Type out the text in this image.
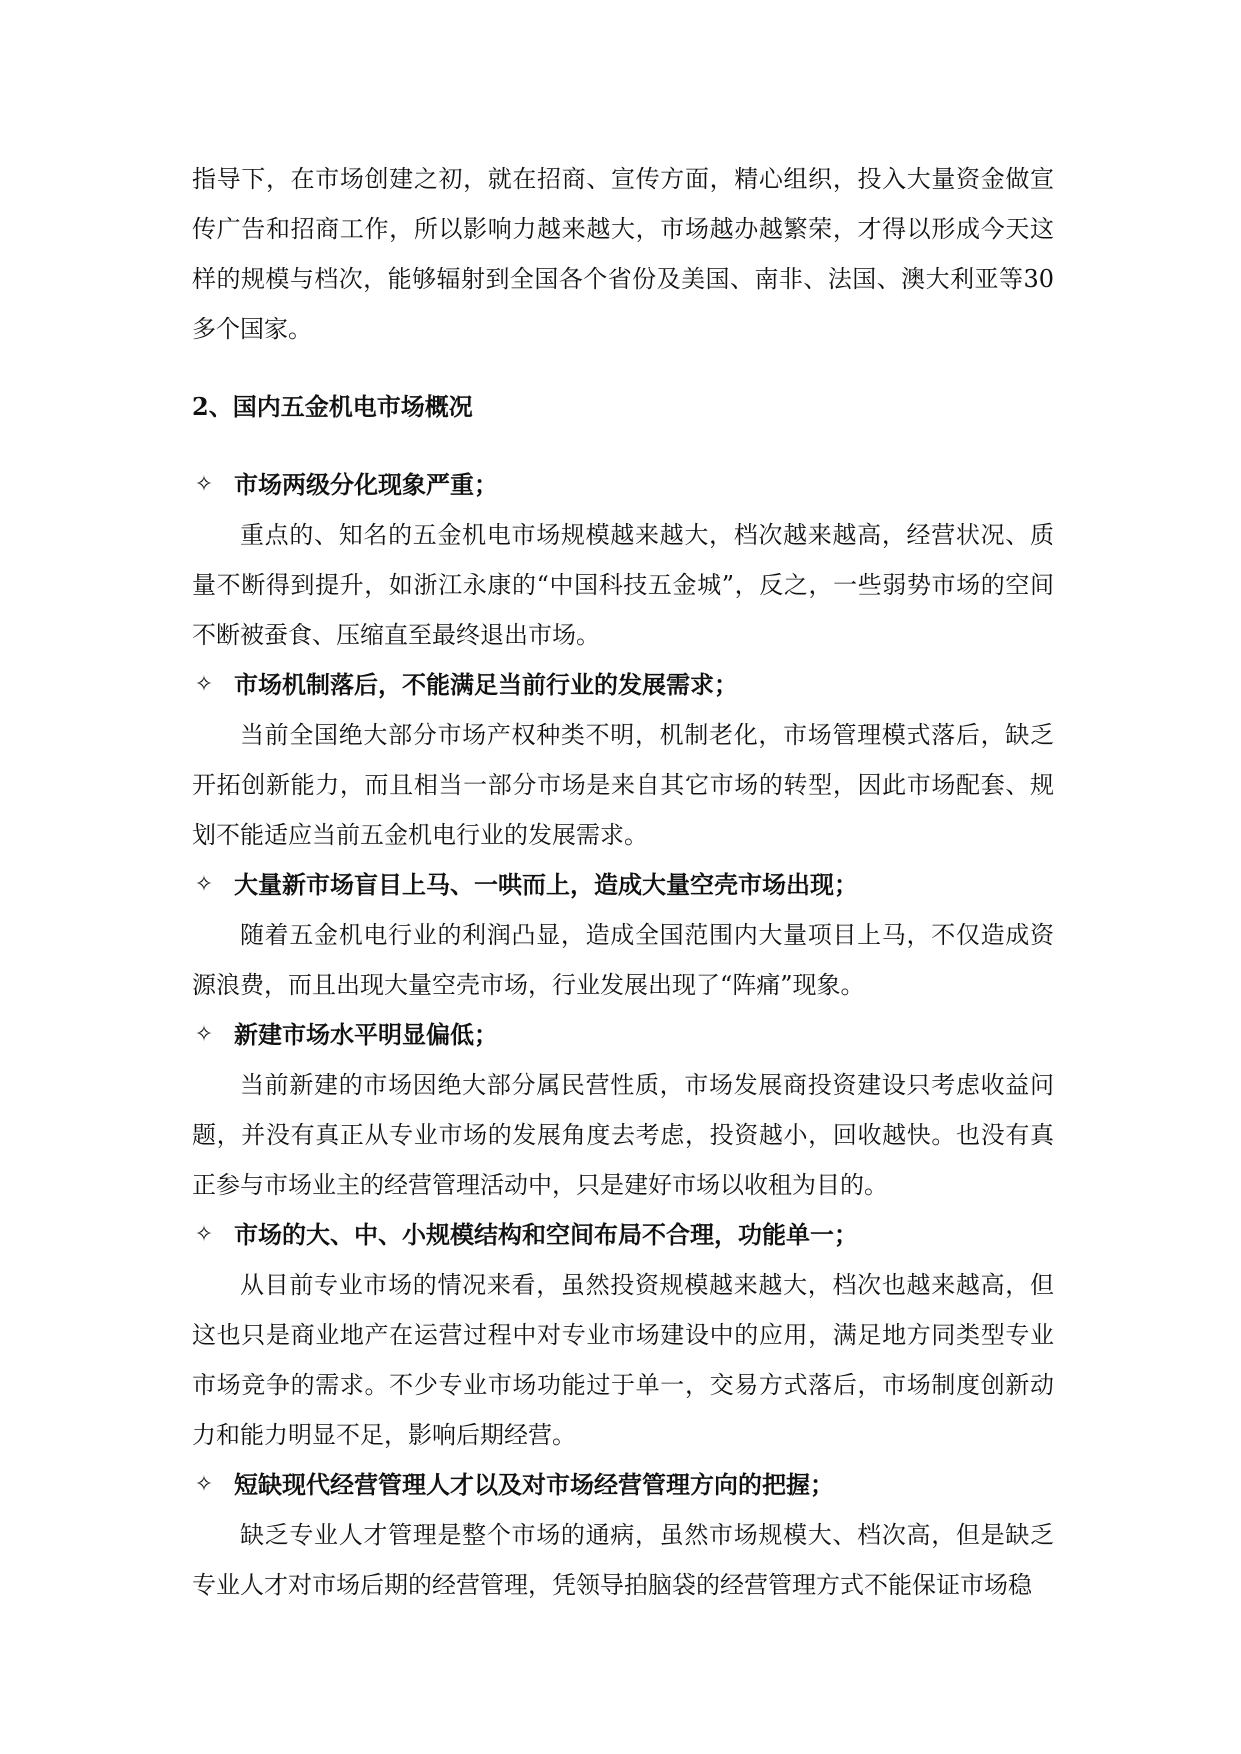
指导下，在市场创建之初，就在招商、宣传方面，精心组织，投入大量资金做宣传广告和招商工作，所以影响力越来越大，市场越办越繁荣，才得以形成今天这样的规模与档次，能够辐射到全国各个省份及美国、南非、法国、澳大利亚等30多个国家。

2、国内五金机电市场概况

✧ 市场两级分化现象严重；

重点的、知名的五金机电市场规模越来越大，档次越来越高，经营状况、质量不断得到提升，如浙江永康的“中国科技五金城”，反之，一些弱势市场的空间不断被蚕食、压缩直至最终退出市场。

✧ 市场机制落后，不能满足当前行业的发展需求；

当前全国绝大部分市场产权种类不明，机制老化，市场管理模式落后，缺乏开拓创新能力，而且相当一部分市场是来自其它市场的转型，因此市场配套、规划不能适应当前五金机电行业的发展需求。

✧ 大量新市场盲目上马、一哄而上，造成大量空壳市场出现；

随着五金机电行业的利润凸显，造成全国范围内大量项目上马，不仅造成资源浪费，而且出现大量空壳市场，行业发展出现了“阵痛”现象。

✧ 新建市场水平明显偏低；

当前新建的市场因绝大部分属民营性质，市场发展商投资建设只考虑收益问题，并没有真正从专业市场的发展角度去考虑，投资越小，回收越快。也没有真正参与市场业主的经营管理活动中，只是建好市场以收租为目的。

✧ 市场的大、中、小规模结构和空间布局不合理，功能单一；

从目前专业市场的情况来看，虽然投资规模越来越大，档次也越来越高，但这也只是商业地产在运营过程中对专业市场建设中的应用，满足地方同类型专业市场竞争的需求。不少专业市场功能过于单一，交易方式落后，市场制度创新动力和能力明显不足，影响后期经营。

✧ 短缺现代经营管理人才以及对市场经营管理方向的把握；

缺乏专业人才管理是整个市场的通病，虽然市场规模大、档次高，但是缺乏专业人才对市场后期的经营管理，凭领导拍脑袋的经营管理方式不能保证市场稳
